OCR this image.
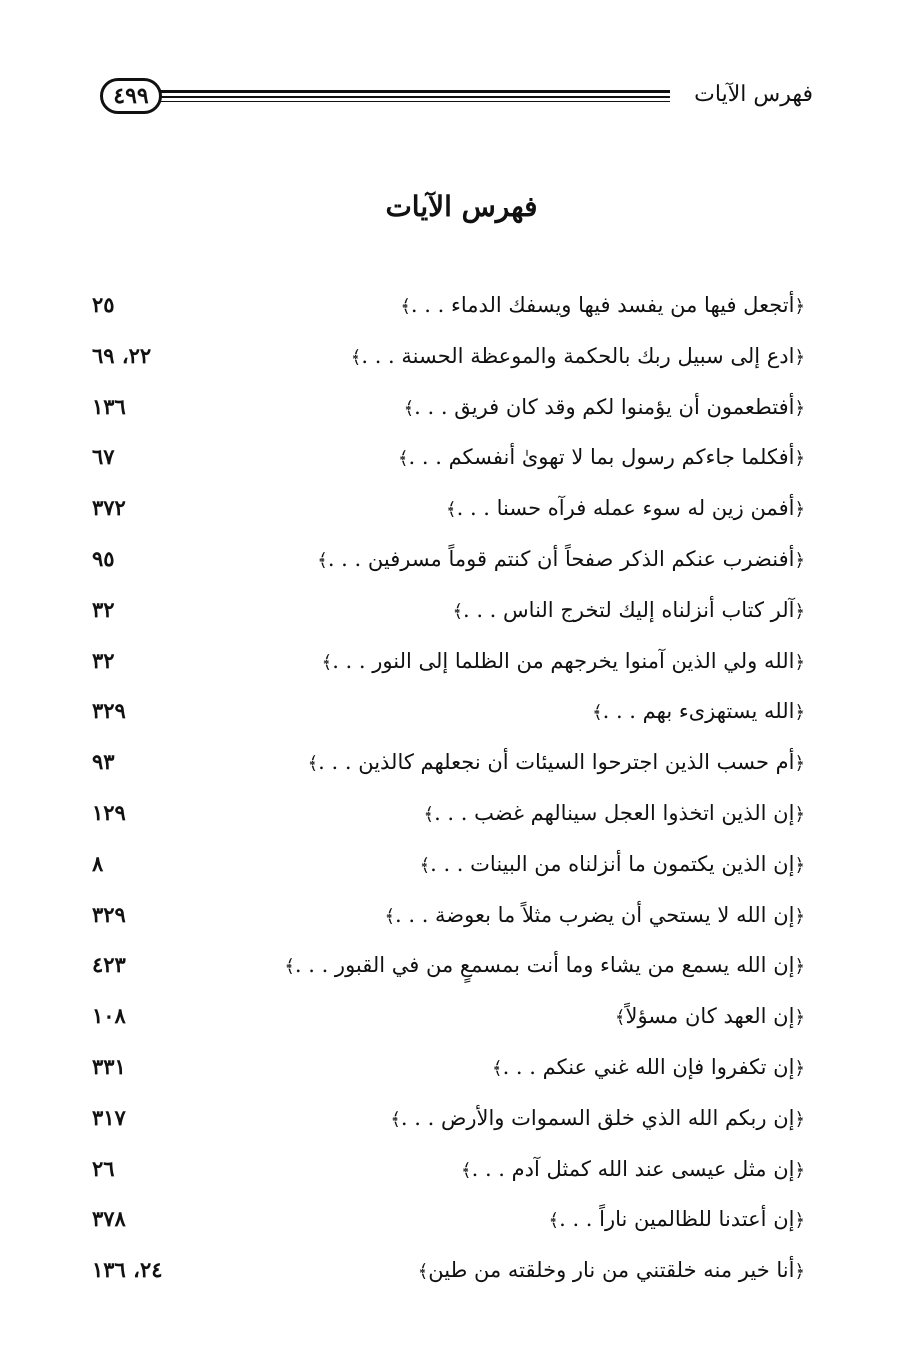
فهرس الآيات
٤٩٩
فهرس الآيات
﴿أتجعل فيها من يفسد فيها ويسفك الدماء . . .﴾
٢٥
﴿ادع إلى سبيل ربك بالحكمة والموعظة الحسنة . . .﴾
٢٢، ٦٩
﴿أفتطعمون أن يؤمنوا لكم وقد كان فريق . . .﴾
١٣٦
﴿أفكلما جاءكم رسول بما لا تهوىٰ أنفسكم . . .﴾
٦٧
﴿أفمن زين له سوء عمله فرآه حسنا . . .﴾
٣٧٢
﴿أفنضرب عنكم الذكر صفحاً أن كنتم قوماً مسرفين . . .﴾
٩٥
﴿آلر كتاب أنزلناه إليك لتخرج الناس . . .﴾
٣٢
﴿الله ولي الذين آمنوا يخرجهم من الظلما إلى النور . . .﴾
٣٢
﴿الله يستهزىء بهم . . .﴾
٣٢٩
﴿أم حسب الذين اجترحوا السيئات أن نجعلهم كالذين . . .﴾
٩٣
﴿إن الذين اتخذوا العجل سينالهم غضب . . .﴾
١٢٩
﴿إن الذين يكتمون ما أنزلناه من البينات . . .﴾
٨
﴿إن الله لا يستحي أن يضرب مثلاً ما بعوضة . . .﴾
٣٢٩
﴿إن الله يسمع من يشاء وما أنت بمسمعٍ من في القبور . . .﴾
٤٢٣
﴿إن العهد كان مسؤلاً﴾
١٠٨
﴿إن تكفروا فإن الله غني عنكم . . .﴾
٣٣١
﴿إن ربكم الله الذي خلق السموات والأرض . . .﴾
٣١٧
﴿إن مثل عيسى عند الله كمثل آدم . . .﴾
٢٦
﴿إن أعتدنا للظالمين ناراً . . .﴾
٣٧٨
﴿أنا خير منه خلقتني من نار وخلقته من طين﴾
٢٤، ١٣٦
